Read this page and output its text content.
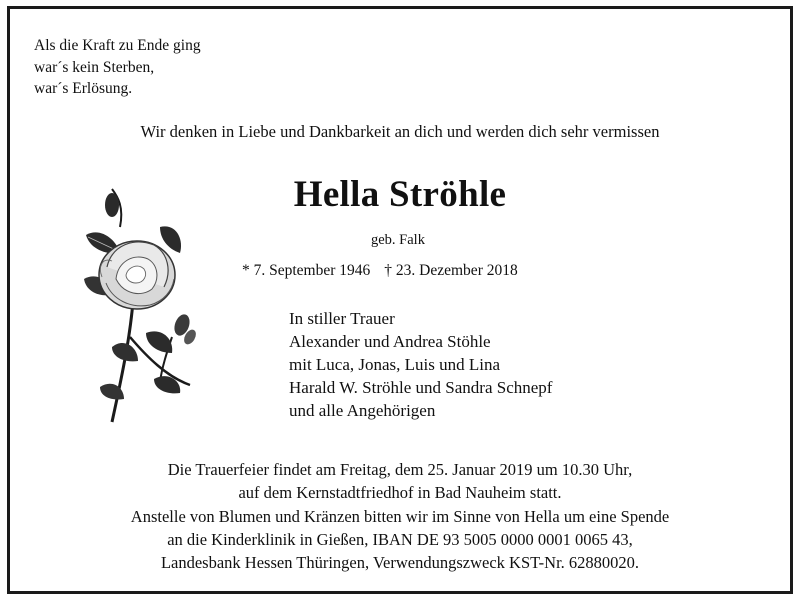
Als die Kraft zu Ende ging
war´s kein Sterben,
war´s Erlösung.
Wir denken in Liebe und Dankbarkeit an dich und werden dich sehr vermissen
Hella Ströhle
geb. Falk
* 7. September 1946 † 23. Dezember 2018
In stiller Trauer
Alexander und Andrea Stöhle
mit Luca, Jonas, Luis und Lina
Harald W. Ströhle und Sandra Schnepf
und alle Angehörigen
Die Trauerfeier findet am Freitag, dem 25. Januar 2019 um 10.30 Uhr,
auf dem Kernstadtfriedhof in Bad Nauheim statt.
Anstelle von Blumen und Kränzen bitten wir im Sinne von Hella um eine Spende
an die Kinderklinik in Gießen, IBAN DE 93 5005 0000 0001 0065 43,
Landesbank Hessen Thüringen, Verwendungszweck KST-Nr. 62880020.
